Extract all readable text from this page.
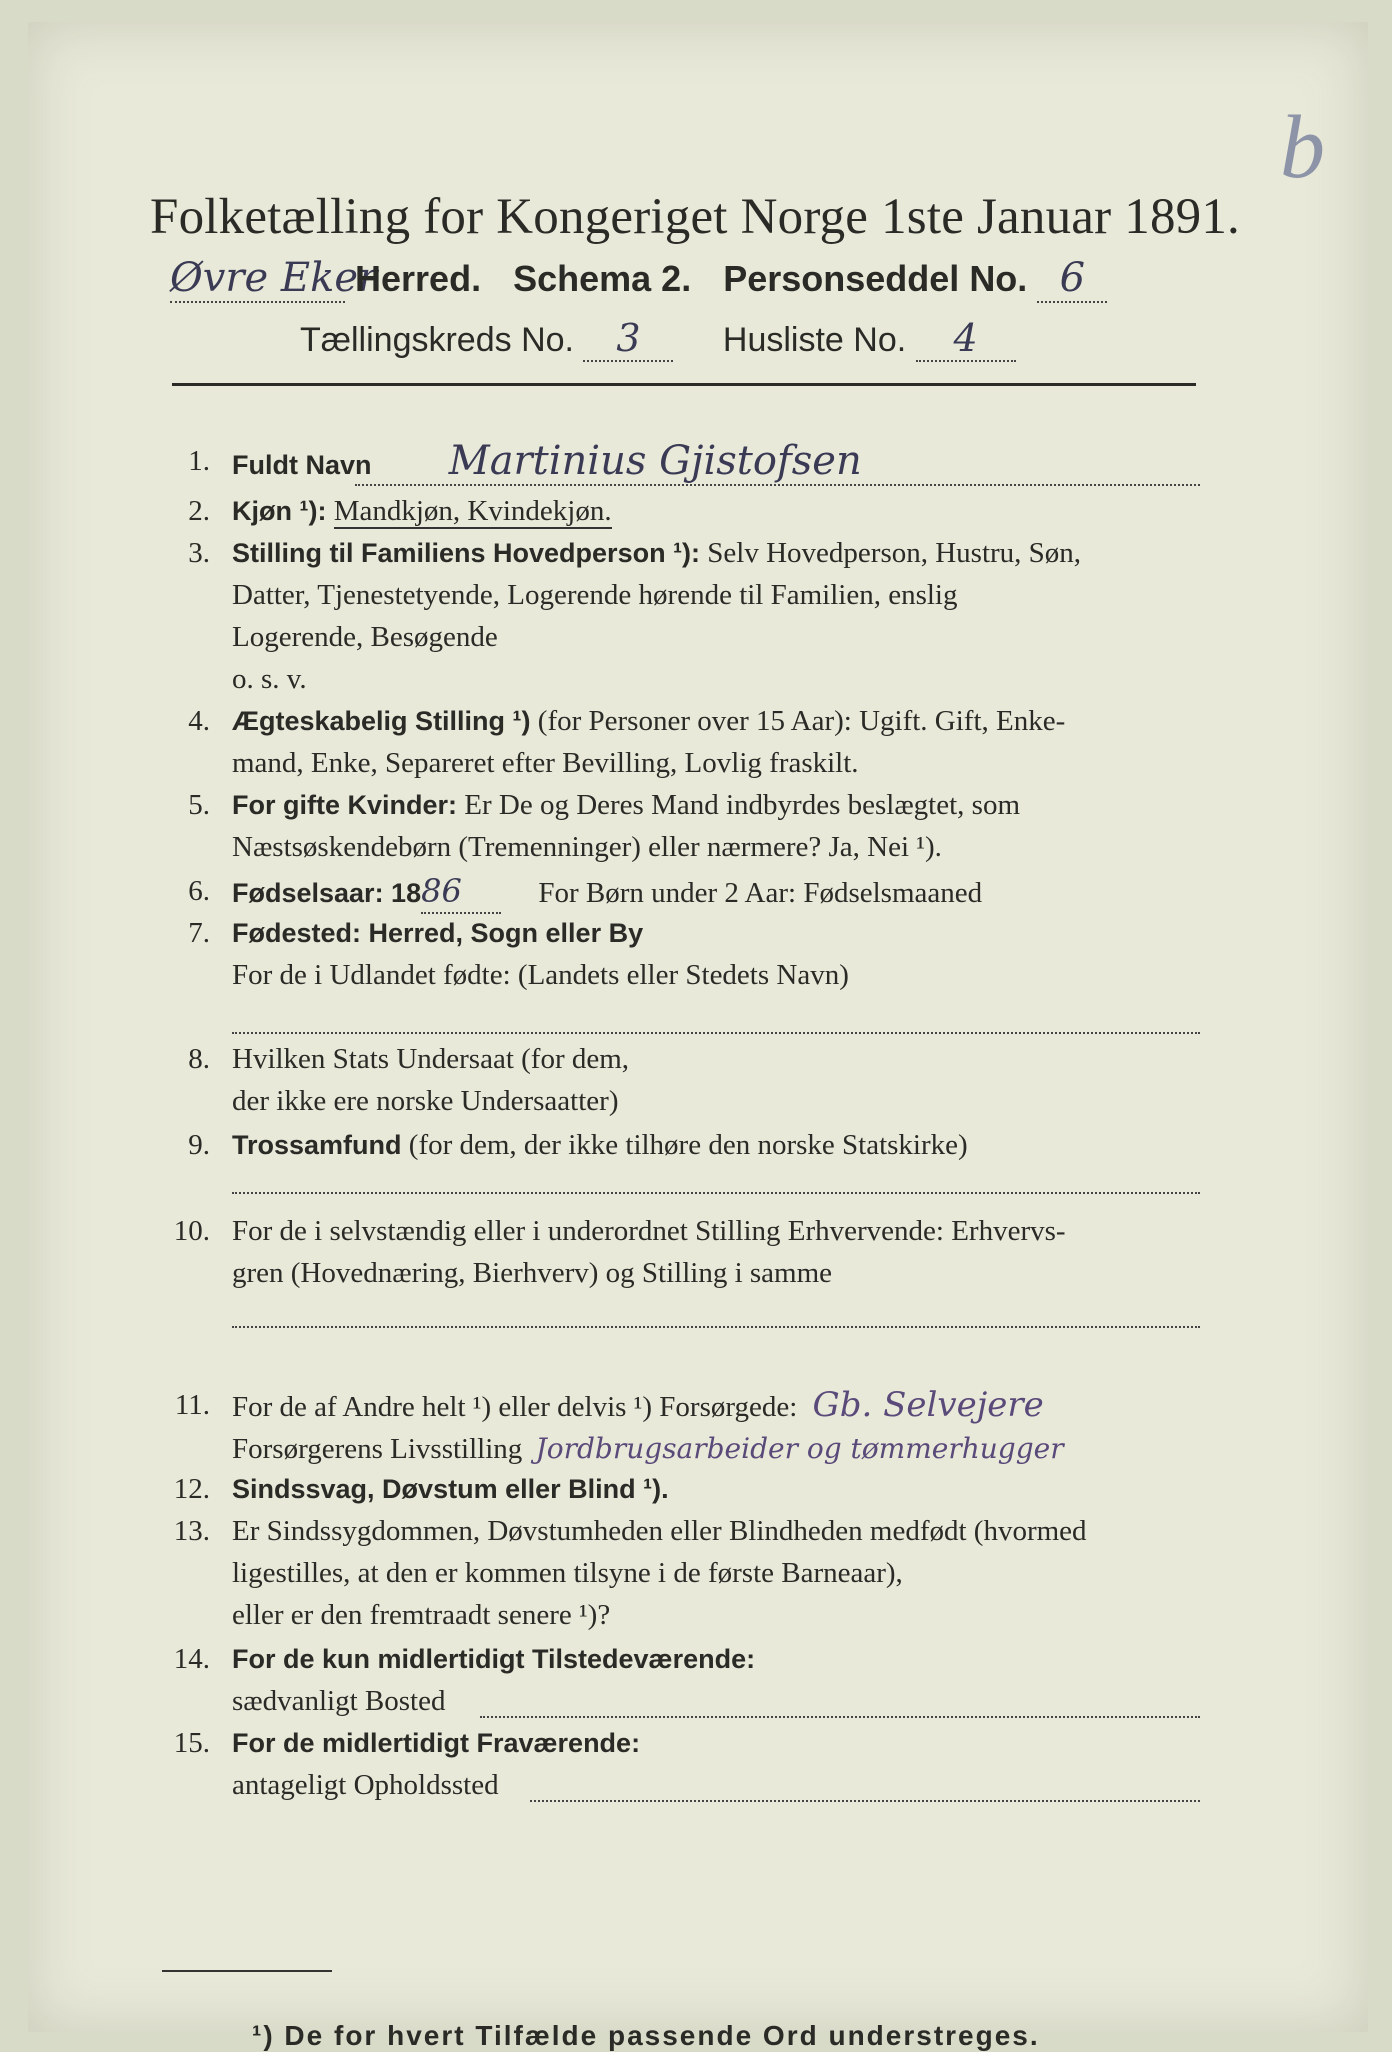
b
Folketælling for Kongeriget Norge 1ste Januar 1891.
Øvre Eker Herred. Schema 2. Personseddel No. 6
Tællingskreds No. 3 Husliste No. 4
1. Fuldt Navn Martinius Gjistofsen
2. Kjøn ¹): Mandkjøn, Kvindekjøn.
3. Stilling til Familiens Hovedperson ¹): Selv Hovedperson, Hustru, Søn,
Datter, Tjenestetyende, Logerende hørende til Familien, enslig
Logerende, Besøgende
o. s. v.
4. Ægteskabelig Stilling ¹) (for Personer over 15 Aar): Ugift. Gift, Enke-
mand, Enke, Separeret efter Bevilling, Lovlig fraskilt.
5. For gifte Kvinder: Er De og Deres Mand indbyrdes beslægtet, som
Næstsøskendebørn (Tremenninger) eller nærmere? Ja, Nei ¹).
6. Fødselsaar: 1886	For Børn under 2 Aar: Fødselsmaaned
7. Fødested: Herred, Sogn eller By
For de i Udlandet fødte: (Landets eller Stedets Navn)
8. Hvilken Stats Undersaat (for dem,
der ikke ere norske Undersaatter)
9. Trossamfund (for dem, der ikke tilhøre den norske Statskirke)
10. For de i selvstændig eller i underordnet Stilling Erhvervende: Erhvervs-
gren (Hovednæring, Bierhverv) og Stilling i samme
11. For de af Andre helt ¹) eller delvis ¹) Forsørgede: Gb. Selvejere
Forsørgerens Livsstilling Jordbrugsarbeider og tømmerhugger
12. Sindssvag, Døvstum eller Blind ¹).
13. Er Sindssygdommen, Døvstumheden eller Blindheden medfødt (hvormed
ligestilles, at den er kommen tilsyne i de første Barneaar),
eller er den fremtraadt senere ¹)?
14. For de kun midlertidigt Tilstedeværende:
sædvanligt Bosted
15. For de midlertidigt Fraværende:
antageligt Opholdssted
¹) De for hvert Tilfælde passende Ord understreges.
